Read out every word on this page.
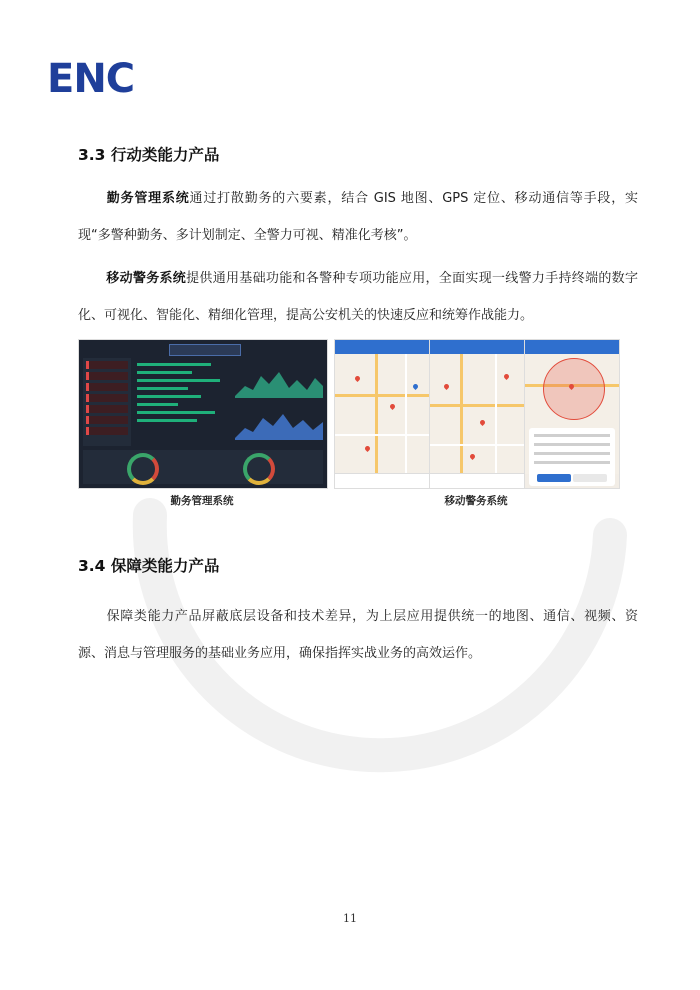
ENC
3.3 行动类能力产品

勤务管理系统通过打散勤务的六要素，结合 GIS 地图、GPS 定位、移动通信等手段，实现“多警种勤务、多计划制定、全警力可视、精准化考核”。

移动警务系统提供通用基础功能和各警种专项功能应用，全面实现一线警力手持终端的数字化、可视化、智能化、精细化管理，提高公安机关的快速反应和统筹作战能力。

勤务管理系统	移动警务系统
3.4 保障类能力产品

保障类能力产品屏蔽底层设备和技术差异，为上层应用提供统一的地图、通信、视频、资源、消息与管理服务的基础业务应用，确保指挥实战业务的高效运作。

11
